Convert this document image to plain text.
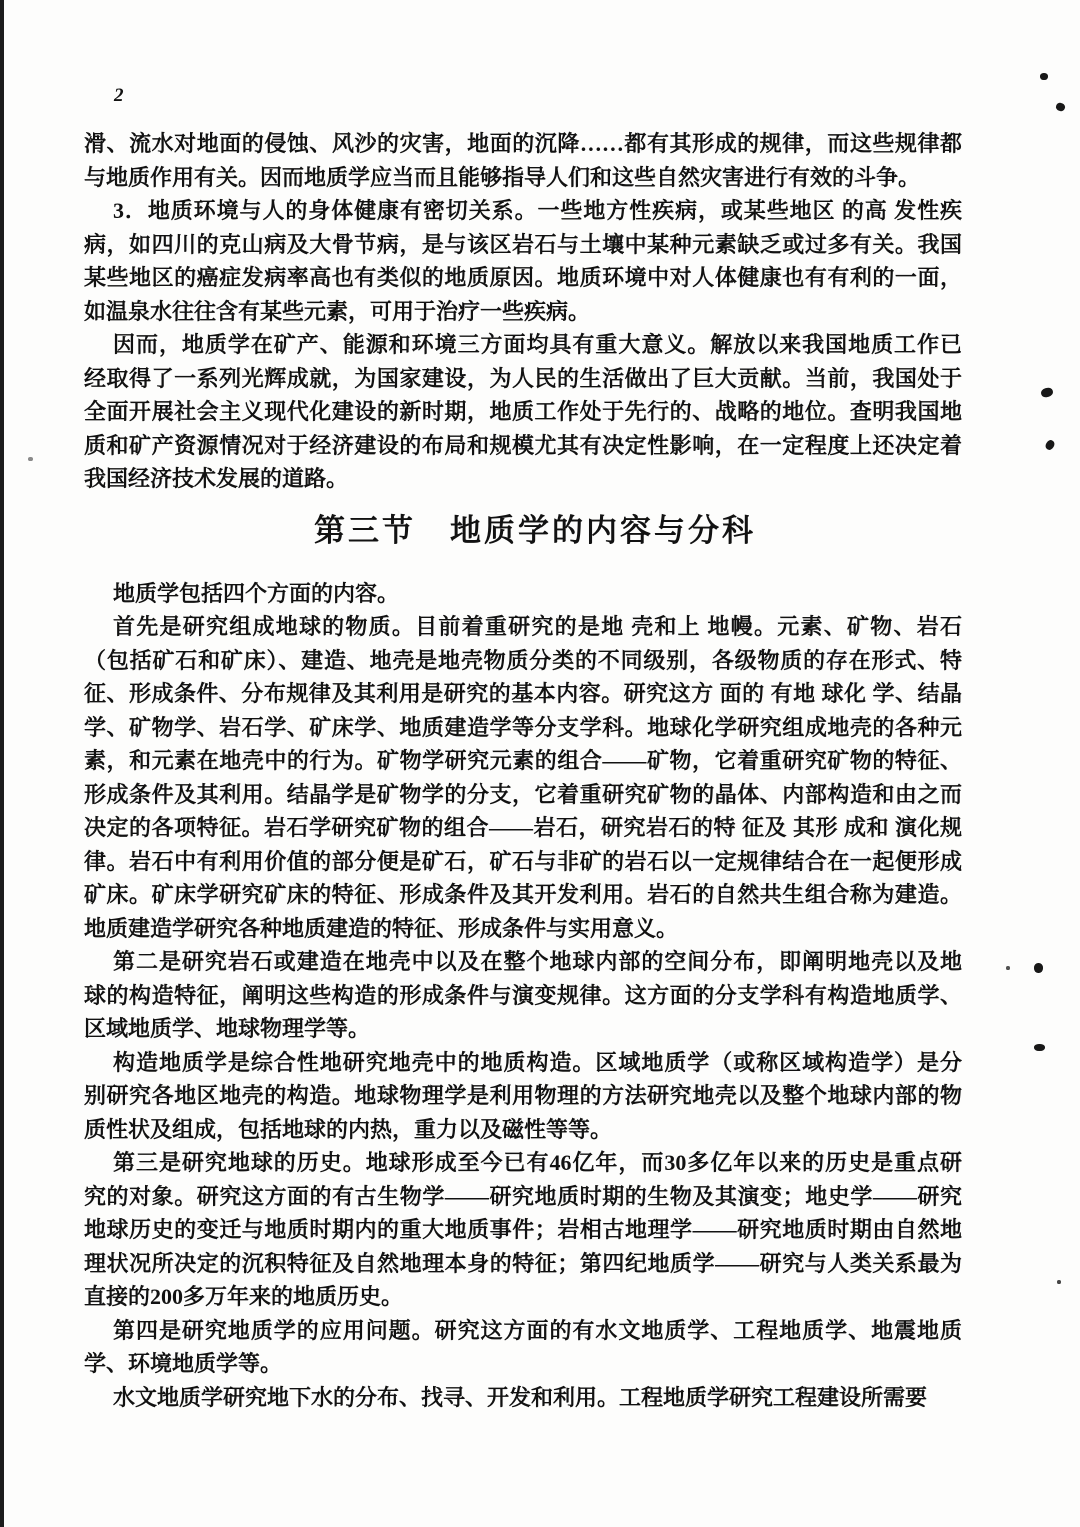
2
滑、流水对地面的侵蚀、风沙的灾害，地面的沉降……都有其形成的规律，而这些规律都
与地质作用有关。因而地质学应当而且能够指导人们和这些自然灾害进行有效的斗争。
3．地质环境与人的身体健康有密切关系。一些地方性疾病，或某些地区 的高 发性疾
病，如四川的克山病及大骨节病，是与该区岩石与土壤中某种元素缺乏或过多有关。我国
某些地区的癌症发病率高也有类似的地质原因。地质环境中对人体健康也有有利的一面，
如温泉水往往含有某些元素，可用于治疗一些疾病。
因而，地质学在矿产、能源和环境三方面均具有重大意义。解放以来我国地质工作已
经取得了一系列光辉成就，为国家建设，为人民的生活做出了巨大贡献。当前，我国处于
全面开展社会主义现代化建设的新时期，地质工作处于先行的、战略的地位。查明我国地
质和矿产资源情况对于经济建设的布局和规模尤其有决定性影响，在一定程度上还决定着
我国经济技术发展的道路。
第三节　地质学的内容与分科
地质学包括四个方面的内容。
首先是研究组成地球的物质。目前着重研究的是地 壳和上 地幔。元素、矿物、岩石
（包括矿石和矿床）、建造、地壳是地壳物质分类的不同级别，各级物质的存在形式、特
征、形成条件、分布规律及其利用是研究的基本内容。研究这方 面的 有地 球化 学、结晶
学、矿物学、岩石学、矿床学、地质建造学等分支学科。地球化学研究组成地壳的各种元
素，和元素在地壳中的行为。矿物学研究元素的组合——矿物，它着重研究矿物的特征、
形成条件及其利用。结晶学是矿物学的分支，它着重研究矿物的晶体、内部构造和由之而
决定的各项特征。岩石学研究矿物的组合——岩石，研究岩石的特 征及 其形 成和 演化规
律。岩石中有利用价值的部分便是矿石，矿石与非矿的岩石以一定规律结合在一起便形成
矿床。矿床学研究矿床的特征、形成条件及其开发利用。岩石的自然共生组合称为建造。
地质建造学研究各种地质建造的特征、形成条件与实用意义。
第二是研究岩石或建造在地壳中以及在整个地球内部的空间分布，即阐明地壳以及地
球的构造特征，阐明这些构造的形成条件与演变规律。这方面的分支学科有构造地质学、
区域地质学、地球物理学等。
构造地质学是综合性地研究地壳中的地质构造。区域地质学（或称区域构造学）是分
别研究各地区地壳的构造。地球物理学是利用物理的方法研究地壳以及整个地球内部的物
质性状及组成，包括地球的内热，重力以及磁性等等。
第三是研究地球的历史。地球形成至今已有46亿年，而30多亿年以来的历史是重点研
究的对象。研究这方面的有古生物学——研究地质时期的生物及其演变；地史学——研究
地球历史的变迁与地质时期内的重大地质事件；岩相古地理学——研究地质时期由自然地
理状况所决定的沉积特征及自然地理本身的特征；第四纪地质学——研究与人类关系最为
直接的200多万年来的地质历史。
第四是研究地质学的应用问题。研究这方面的有水文地质学、工程地质学、地震地质
学、环境地质学等。
水文地质学研究地下水的分布、找寻、开发和利用。工程地质学研究工程建设所需要
